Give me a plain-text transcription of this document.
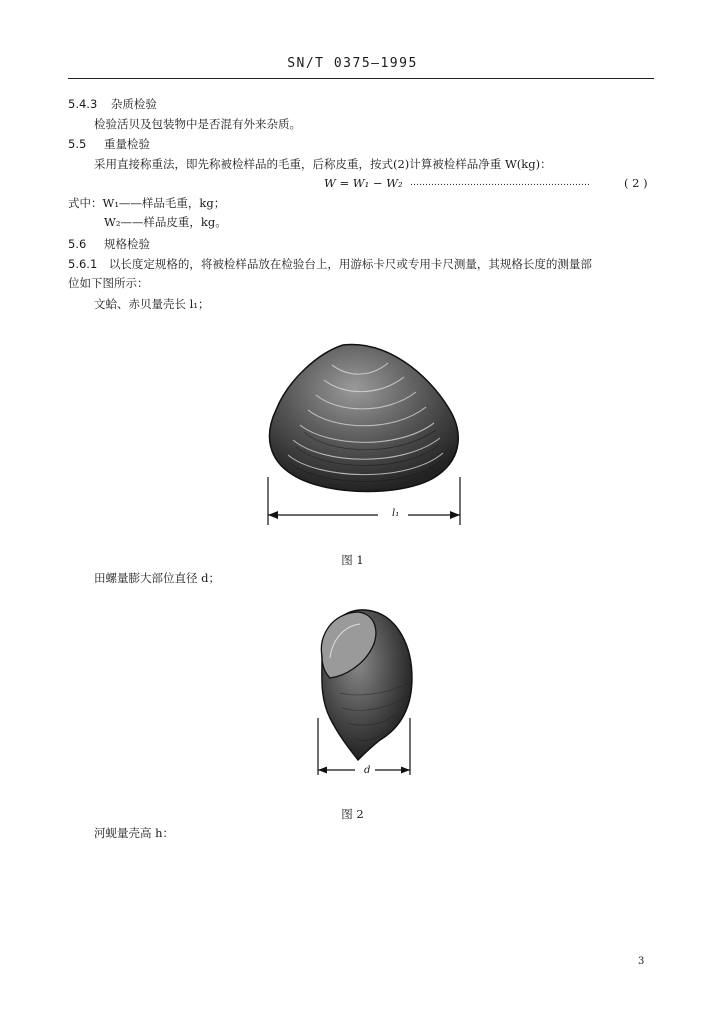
SN/T 0375—1995
5.4.3 杂质检验
检验活贝及包装物中是否混有外来杂质。
5.5 重量检验
采用直接称重法，即先称被检样品的毛重，后称皮重，按式(2)计算被检样品净重 W(kg)：
W = W₁ − W₂ ……………………………………………………	( 2 )
式中：W₁——样品毛重，kg；
W₂——样品皮重，kg。
5.6 规格检验
5.6.1 以长度定规格的，将被检样品放在检验台上，用游标卡尺或专用卡尺测量，其规格长度的测量部
位如下图所示：
文蛤、赤贝量壳长 l₁；
l₁
图 1
田螺量膨大部位直径 d；
d
图 2
河蚬量壳高 h：
3
